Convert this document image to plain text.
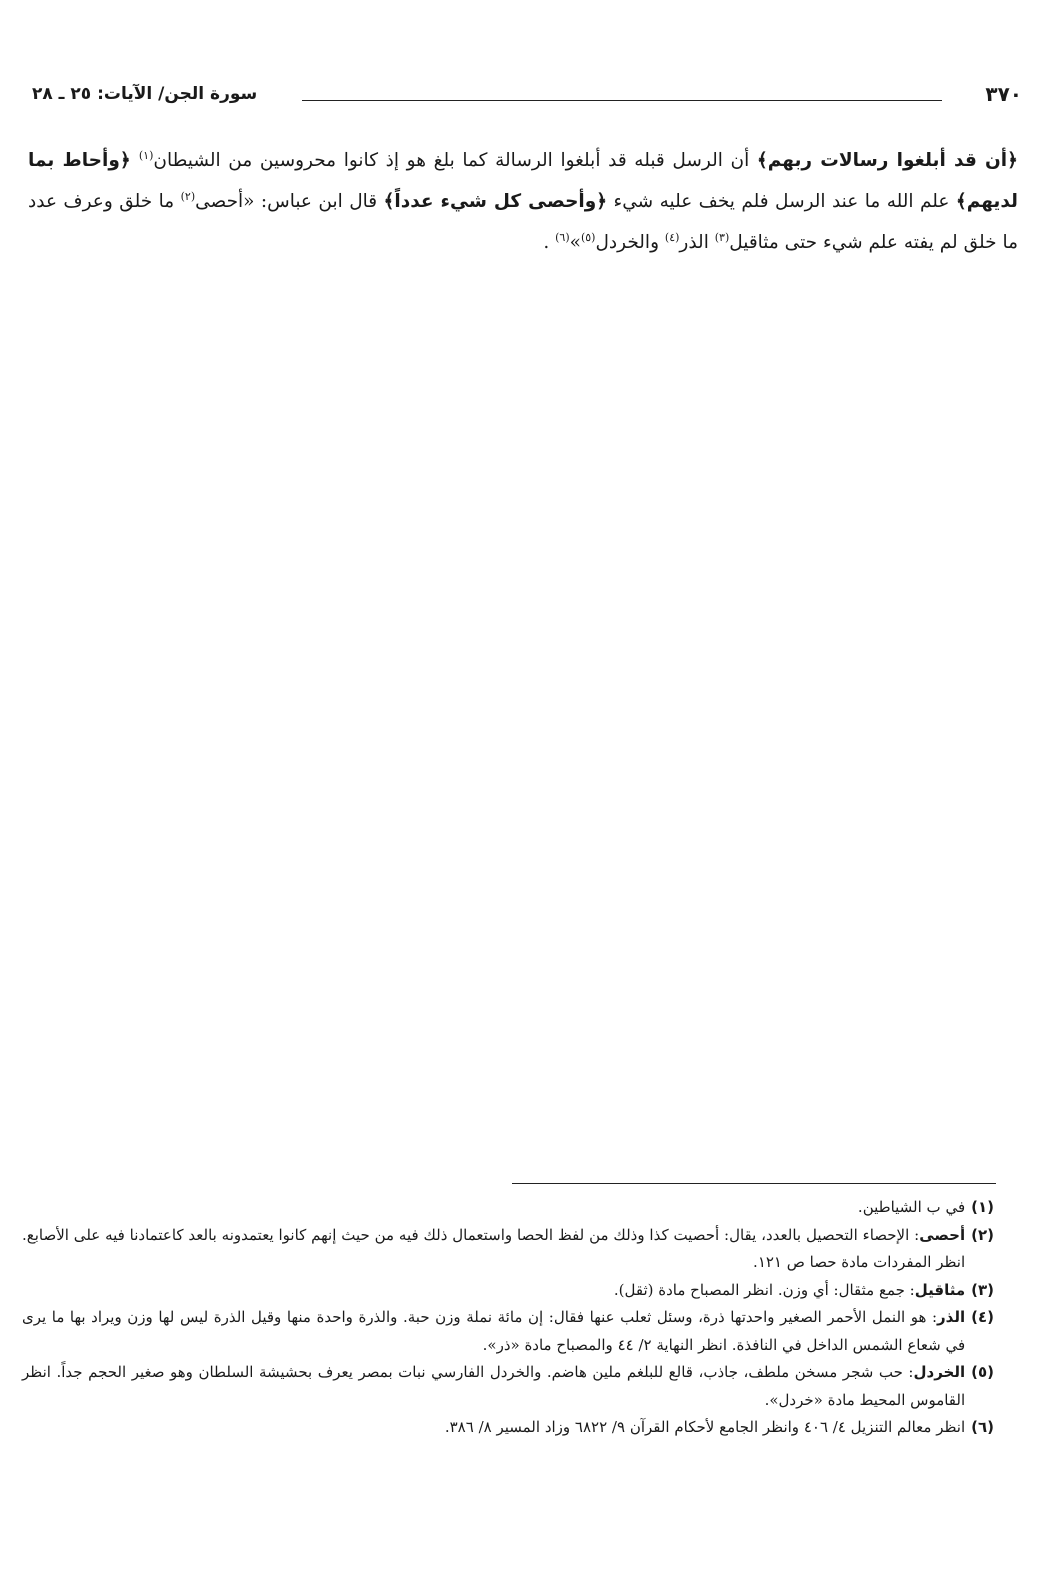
٣٧٠
سورة الجن/ الآيات: ٢٥ ـ ٢٨
﴿أن قد أبلغوا رسالات ربهم﴾ أن الرسل قبله قد أبلغوا الرسالة كما بلغ هو إذ كانوا محروسين من الشيطان$^{(١)}$ ﴿وأحاط بما لديهم﴾ علم الله ما عند الرسل فلم يخف عليه شيء ﴿وأحصى كل شيء عدداً﴾ قال ابن عباس: «أحصى$^{(٢)}$ ما خلق وعرف عدد ما خلق لم يفته علم شيء حتى مثاقيل$^{(٣)}$ الذر$^{(٤)}$ والخردل$^{(٥)}$»$^{(٦)}$ .
(١)
في ب الشياطين.
(٢)
أحصى: الإحصاء التحصيل بالعدد، يقال: أحصيت كذا وذلك من لفظ الحصا واستعمال ذلك فيه من حيث إنهم كانوا يعتمدونه بالعد كاعتمادنا فيه على الأصابع. انظر المفردات مادة حصا ص ١٢١.
(٣)
مثاقيل: جمع مثقال: أي وزن. انظر المصباح مادة (ثقل).
(٤)
الذر: هو النمل الأحمر الصغير واحدتها ذرة، وسئل ثعلب عنها فقال: إن مائة نملة وزن حبة. والذرة واحدة منها وقيل الذرة ليس لها وزن ويراد بها ما يرى في شعاع الشمس الداخل في النافذة. انظر النهاية ٢/ ٤٤ والمصباح مادة «ذر».
(٥)
الخردل: حب شجر مسخن ملطف، جاذب، قالع للبلغم ملين هاضم. والخردل الفارسي نبات بمصر يعرف بحشيشة السلطان وهو صغير الحجم جداً. انظر القاموس المحيط مادة «خردل».
(٦)
انظر معالم التنزيل ٤/ ٤٠٦ وانظر الجامع لأحكام القرآن ٩/ ٦٨٢٢ وزاد المسير ٨/ ٣٨٦.
